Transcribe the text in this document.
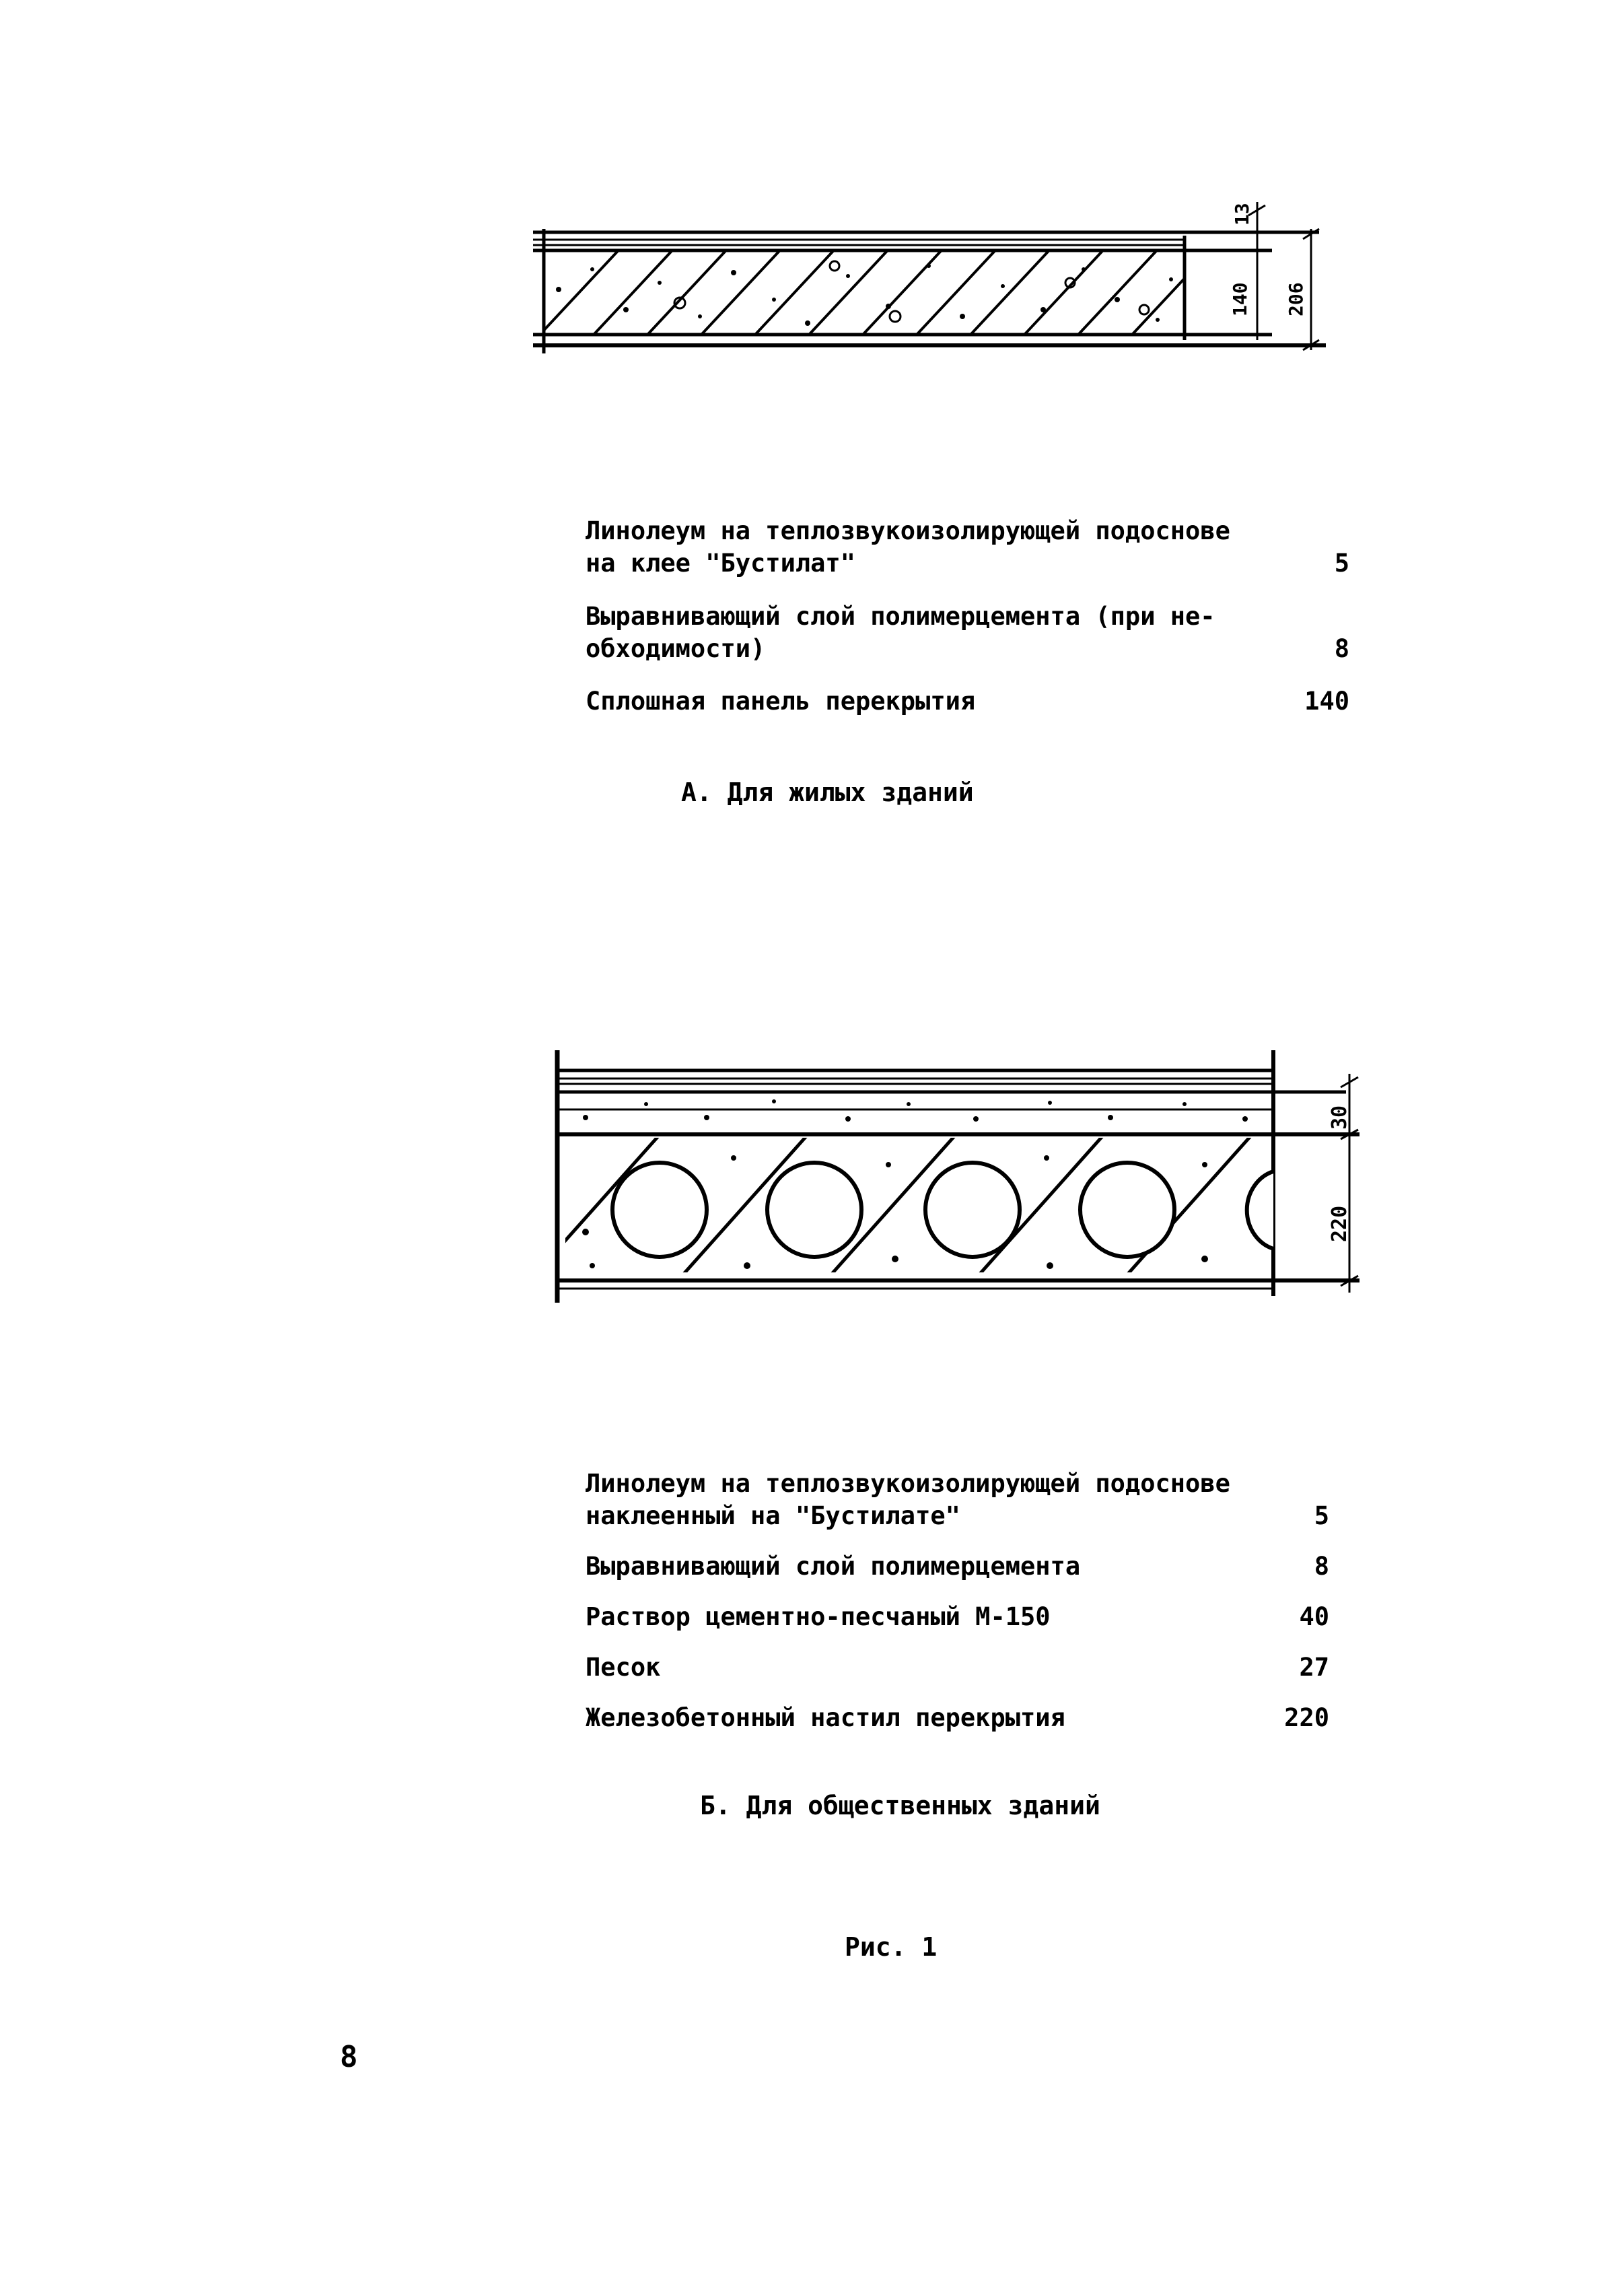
13
140 206
30
220
Линолеум на теплозвукоизолирующей подоснове
на клее "Бустилат"	5
Выравнивающий слой полимерцемента (при не-
обходимости)	8
Сплошная панель перекрытия	140
А. Для жилых зданий
Линолеум на теплозвукоизолирующей подоснове
наклеенный на "Бустилате"	5
Выравнивающий слой полимерцемента	8
Раствор цементно-песчаный М-150	40
Песок	27
Железобетонный настил перекрытия	220
Б. Для общественных зданий
Рис. 1
8
